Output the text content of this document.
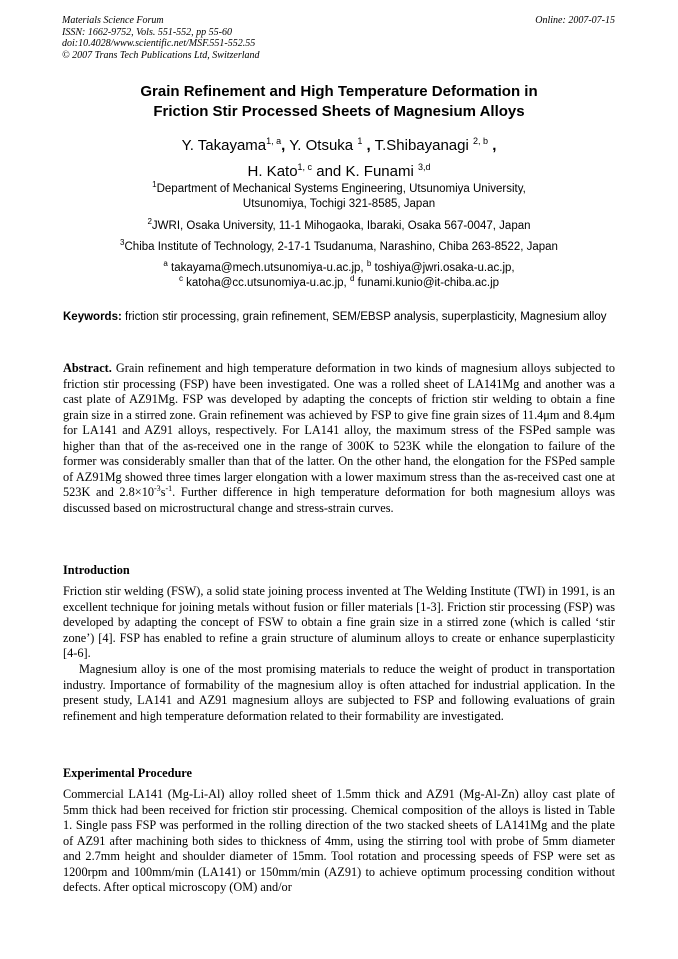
Materials Science Forum
ISSN: 1662-9752, Vols. 551-552, pp 55-60
doi:10.4028/www.scientific.net/MSF.551-552.55
© 2007 Trans Tech Publications Ltd, Switzerland
Online: 2007-07-15
Grain Refinement and High Temperature Deformation in
Friction Stir Processed Sheets of Magnesium Alloys
Y. Takayama$^{1, a}$, Y. Otsuka $^1$ , T.Shibayanagi $^{2, b}$ ,
H. Kato$^{1, c}$ and K. Funami $^{3,d}$
$^1$Department of Mechanical Systems Engineering, Utsunomiya University,
Utsunomiya, Tochigi 321-8585, Japan
$^2$JWRI, Osaka University, 11-1 Mihogaoka, Ibaraki, Osaka 567-0047, Japan
$^3$Chiba Institute of Technology, 2-17-1 Tsudanuma, Narashino, Chiba 263-8522, Japan
$^a$ takayama@mech.utsunomiya-u.ac.jp, $^b$ toshiya@jwri.osaka-u.ac.jp,
$^c$ katoha@cc.utsunomiya-u.ac.jp, $^d$ funami.kunio@it-chiba.ac.jp
Keywords: friction stir processing, grain refinement, SEM/EBSP analysis, superplasticity, Magnesium alloy
Abstract. Grain refinement and high temperature deformation in two kinds of magnesium alloys subjected to friction stir processing (FSP) have been investigated. One was a rolled sheet of LA141Mg and another was a cast plate of AZ91Mg. FSP was developed by adapting the concepts of friction stir welding to obtain a fine grain size in a stirred zone. Grain refinement was achieved by FSP to give fine grain sizes of 11.4μm and 8.4μm for LA141 and AZ91 alloys, respectively. For LA141 alloy, the maximum stress of the FSPed sample was higher than that of the as-received one in the range of 300K to 523K while the elongation to failure of the former was considerably smaller than that of the latter. On the other hand, the elongation for the FSPed sample of AZ91Mg showed three times larger elongation with a lower maximum stress than the as-received cast one at 523K and $2.8\times 10^{-3}s^{-1}$. Further difference in high temperature deformation for both magnesium alloys was discussed based on microstructural change and stress-strain curves.
Introduction
Friction stir welding (FSW), a solid state joining process invented at The Welding Institute (TWI) in 1991, is an excellent technique for joining metals without fusion or filler materials [1-3]. Friction stir processing (FSP) was developed by adapting the concept of FSW to obtain a fine grain size in a stirred zone (which is called ‘stir zone’) [4]. FSP has enabled to refine a grain structure of aluminum alloys to create or enhance superplasticity [4-6].
Magnesium alloy is one of the most promising materials to reduce the weight of product in transportation industry. Importance of formability of the magnesium alloy is often attached for industrial application. In the present study, LA141 and AZ91 magnesium alloys are subjected to FSP and following evaluations of grain refinement and high temperature deformation related to their formability are investigated.
Experimental Procedure
Commercial LA141 (Mg-Li-Al) alloy rolled sheet of 1.5mm thick and AZ91 (Mg-Al-Zn) alloy cast plate of 5mm thick had been received for friction stir processing. Chemical composition of the alloys is listed in Table 1. Single pass FSP was performed in the rolling direction of the two stacked sheets of LA141Mg and the plate of AZ91 after machining both sides to thickness of 4mm, using the stirring tool with probe of 5mm diameter and 2.7mm height and shoulder diameter of 15mm. Tool rotation and processing speeds of FSP were set as 1200rpm and 100mm/min (LA141) or 150mm/min (AZ91) to achieve optimum processing condition without defects. After optical microscopy (OM) and/or
